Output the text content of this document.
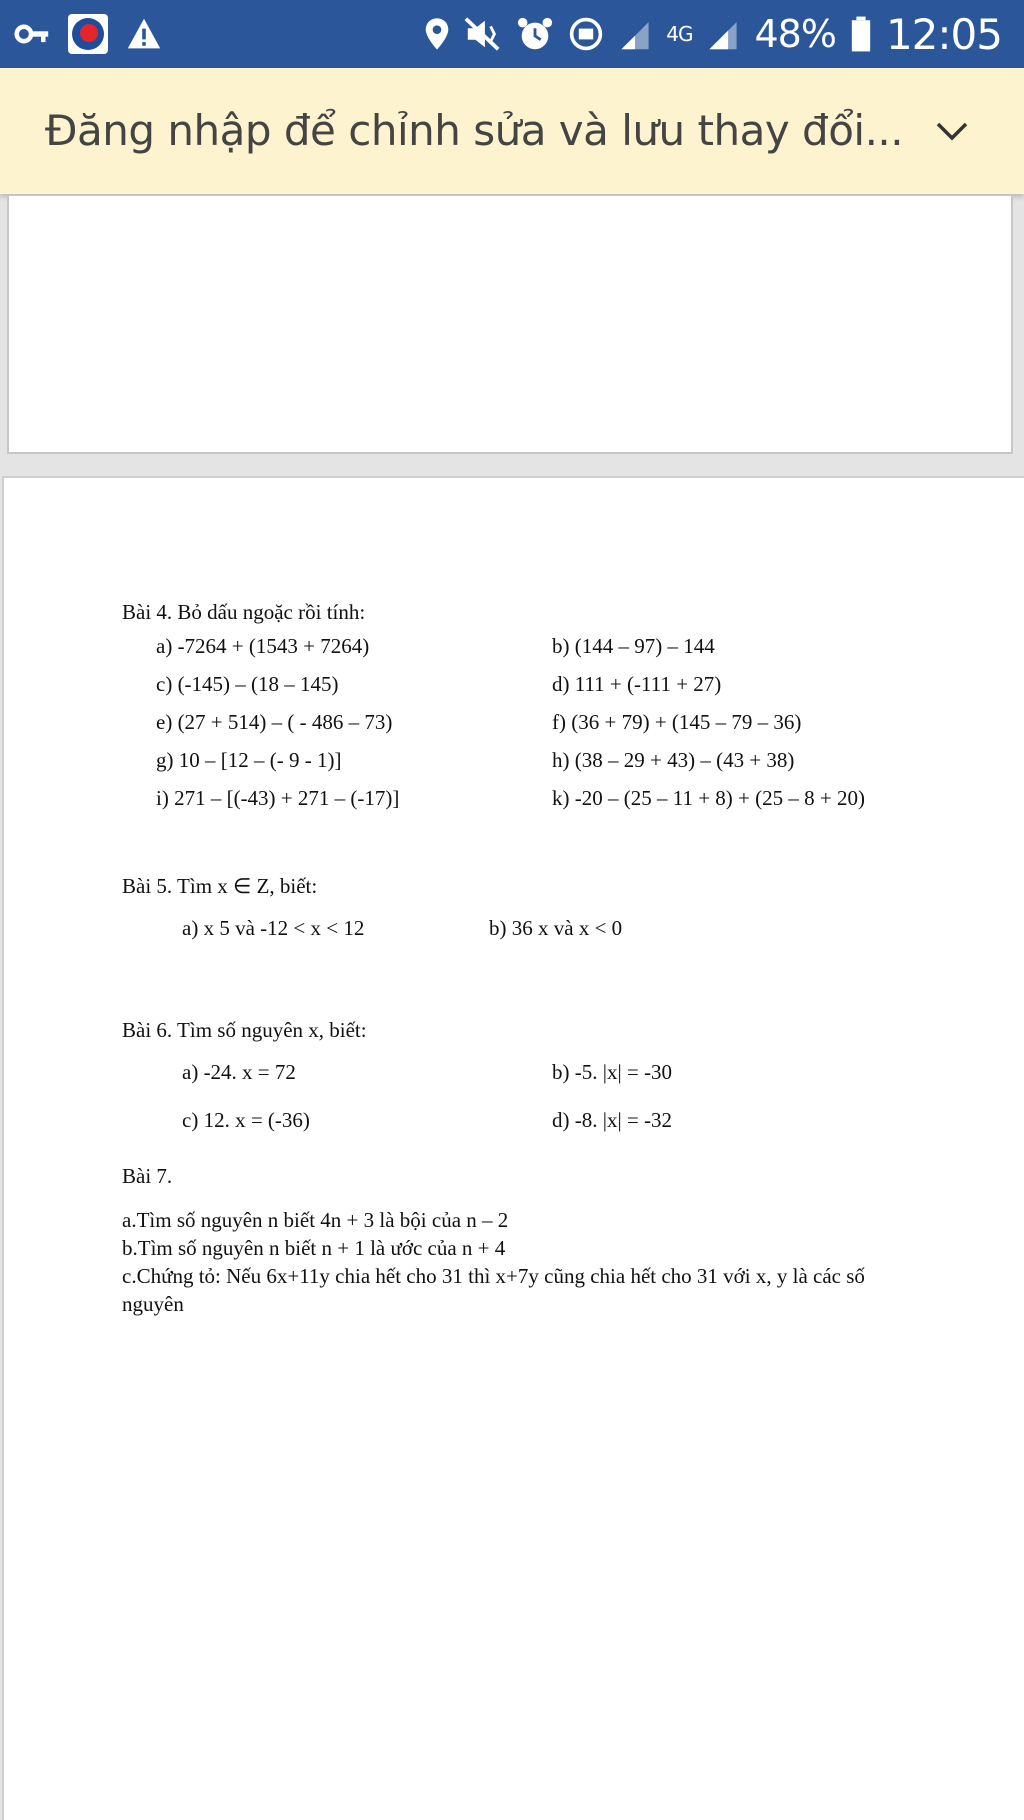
4G 48% 12:05
Đăng nhập để chỉnh sửa và lưu thay đổi...

Bài 4. Bỏ dấu ngoặc rồi tính:

a) -7264 + (1543 + 7264)	b) (144 – 97) – 144
c) (-145) – (18 – 145)	d) 111 + (-111 + 27)
e) (27 + 514) – ( - 486 – 73)	f) (36 + 79) + (145 – 79 – 36)
g) 10 – [12 – (- 9 - 1)]	h) (38 – 29 + 43) – (43 + 38)
i) 271 – [(-43) + 271 – (-17)]	k) -20 – (25 – 11 + 8) + (25 – 8 + 20)

Bài 5. Tìm x ∈ Z, biết:

a) x 5 và -12 < x < 12	b) 36 x và x < 0

Bài 6. Tìm số nguyên x, biết:

a) -24. x = 72	b) -5. |x| = -30
c) 12. x = (-36)	d) -8. |x| = -32

Bài 7.

a.Tìm số nguyên n biết 4n + 3 là bội của n – 2

b.Tìm số nguyên n biết n + 1 là ước của n + 4

c.Chứng tỏ: Nếu 6x+11y chia hết cho 31 thì x+7y cũng chia hết cho 31 với x, y là các số nguyên
